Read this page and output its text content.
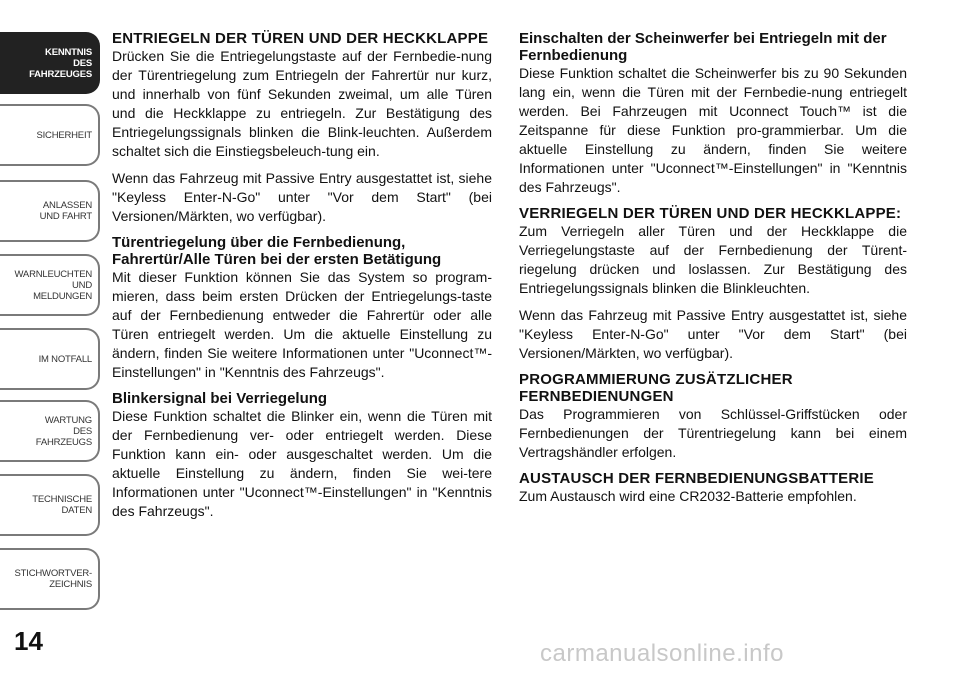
KENNTNIS
DES
FAHRZEUGES
SICHERHEIT
ANLASSEN
UND FAHRT
WARNLEUCHTEN
UND
MELDUNGEN
IM NOTFALL
WARTUNG
DES
FAHRZEUGS
TECHNISCHE
DATEN
STICHWORTVER-
ZEICHNIS
14
ENTRIEGELN DER TÜREN UND DER HECKKLAPPE

Drücken Sie die Entriegelungstaste auf der Fernbedie-nung der Türentriegelung zum Entriegeln der Fahrertür nur kurz, und innerhalb von fünf Sekunden zweimal, um alle Türen und die Heckklappe zu entriegeln. Zur Bestätigung des Entriegelungssignals blinken die Blink-leuchten. Außerdem schaltet sich die Einstiegsbeleuch-tung ein.

Wenn das Fahrzeug mit Passive Entry ausgestattet ist, siehe "Keyless Enter-N-Go" unter "Vor dem Start" (bei Versionen/Märkten, wo verfügbar).

Türentriegelung über die Fernbedienung, Fahrertür/Alle Türen bei der ersten Betätigung

Mit dieser Funktion können Sie das System so program-mieren, dass beim ersten Drücken der Entriegelungs-taste auf der Fernbedienung entweder die Fahrertür oder alle Türen entriegelt werden. Um die aktuelle Einstellung zu ändern, finden Sie weitere Informationen unter "Uconnect™-Einstellungen" in "Kenntnis des Fahrzeugs".

Blinkersignal bei Verriegelung

Diese Funktion schaltet die Blinker ein, wenn die Türen mit der Fernbedienung ver- oder entriegelt werden. Diese Funktion kann ein- oder ausgeschaltet werden. Um die aktuelle Einstellung zu ändern, finden Sie wei-tere Informationen unter "Uconnect™-Einstellungen" in "Kenntnis des Fahrzeugs".

Einschalten der Scheinwerfer bei Entriegeln mit der Fernbedienung

Diese Funktion schaltet die Scheinwerfer bis zu 90 Sekunden lang ein, wenn die Türen mit der Fernbedie-nung entriegelt werden. Bei Fahrzeugen mit Uconnect Touch™ ist die Zeitspanne für diese Funktion pro-grammierbar. Um die aktuelle Einstellung zu ändern, finden Sie weitere Informationen unter "Uconnect™-Einstellungen" in "Kenntnis des Fahrzeugs".

VERRIEGELN DER TÜREN UND DER HECKKLAPPE:

Zum Verriegeln aller Türen und der Heckklappe die Verriegelungstaste auf der Fernbedienung der Türent-riegelung drücken und loslassen. Zur Bestätigung des Entriegelungssignals blinken die Blinkleuchten.

Wenn das Fahrzeug mit Passive Entry ausgestattet ist, siehe "Keyless Enter-N-Go" unter "Vor dem Start" (bei Versionen/Märkten, wo verfügbar).

PROGRAMMIERUNG ZUSÄTZLICHER FERNBEDIENUNGEN

Das Programmieren von Schlüssel-Griffstücken oder Fernbedienungen der Türentriegelung kann bei einem Vertragshändler erfolgen.

AUSTAUSCH DER FERNBEDIENUNGSBATTERIE

Zum Austausch wird eine CR2032-Batterie empfohlen.

carmanualsonline.info
